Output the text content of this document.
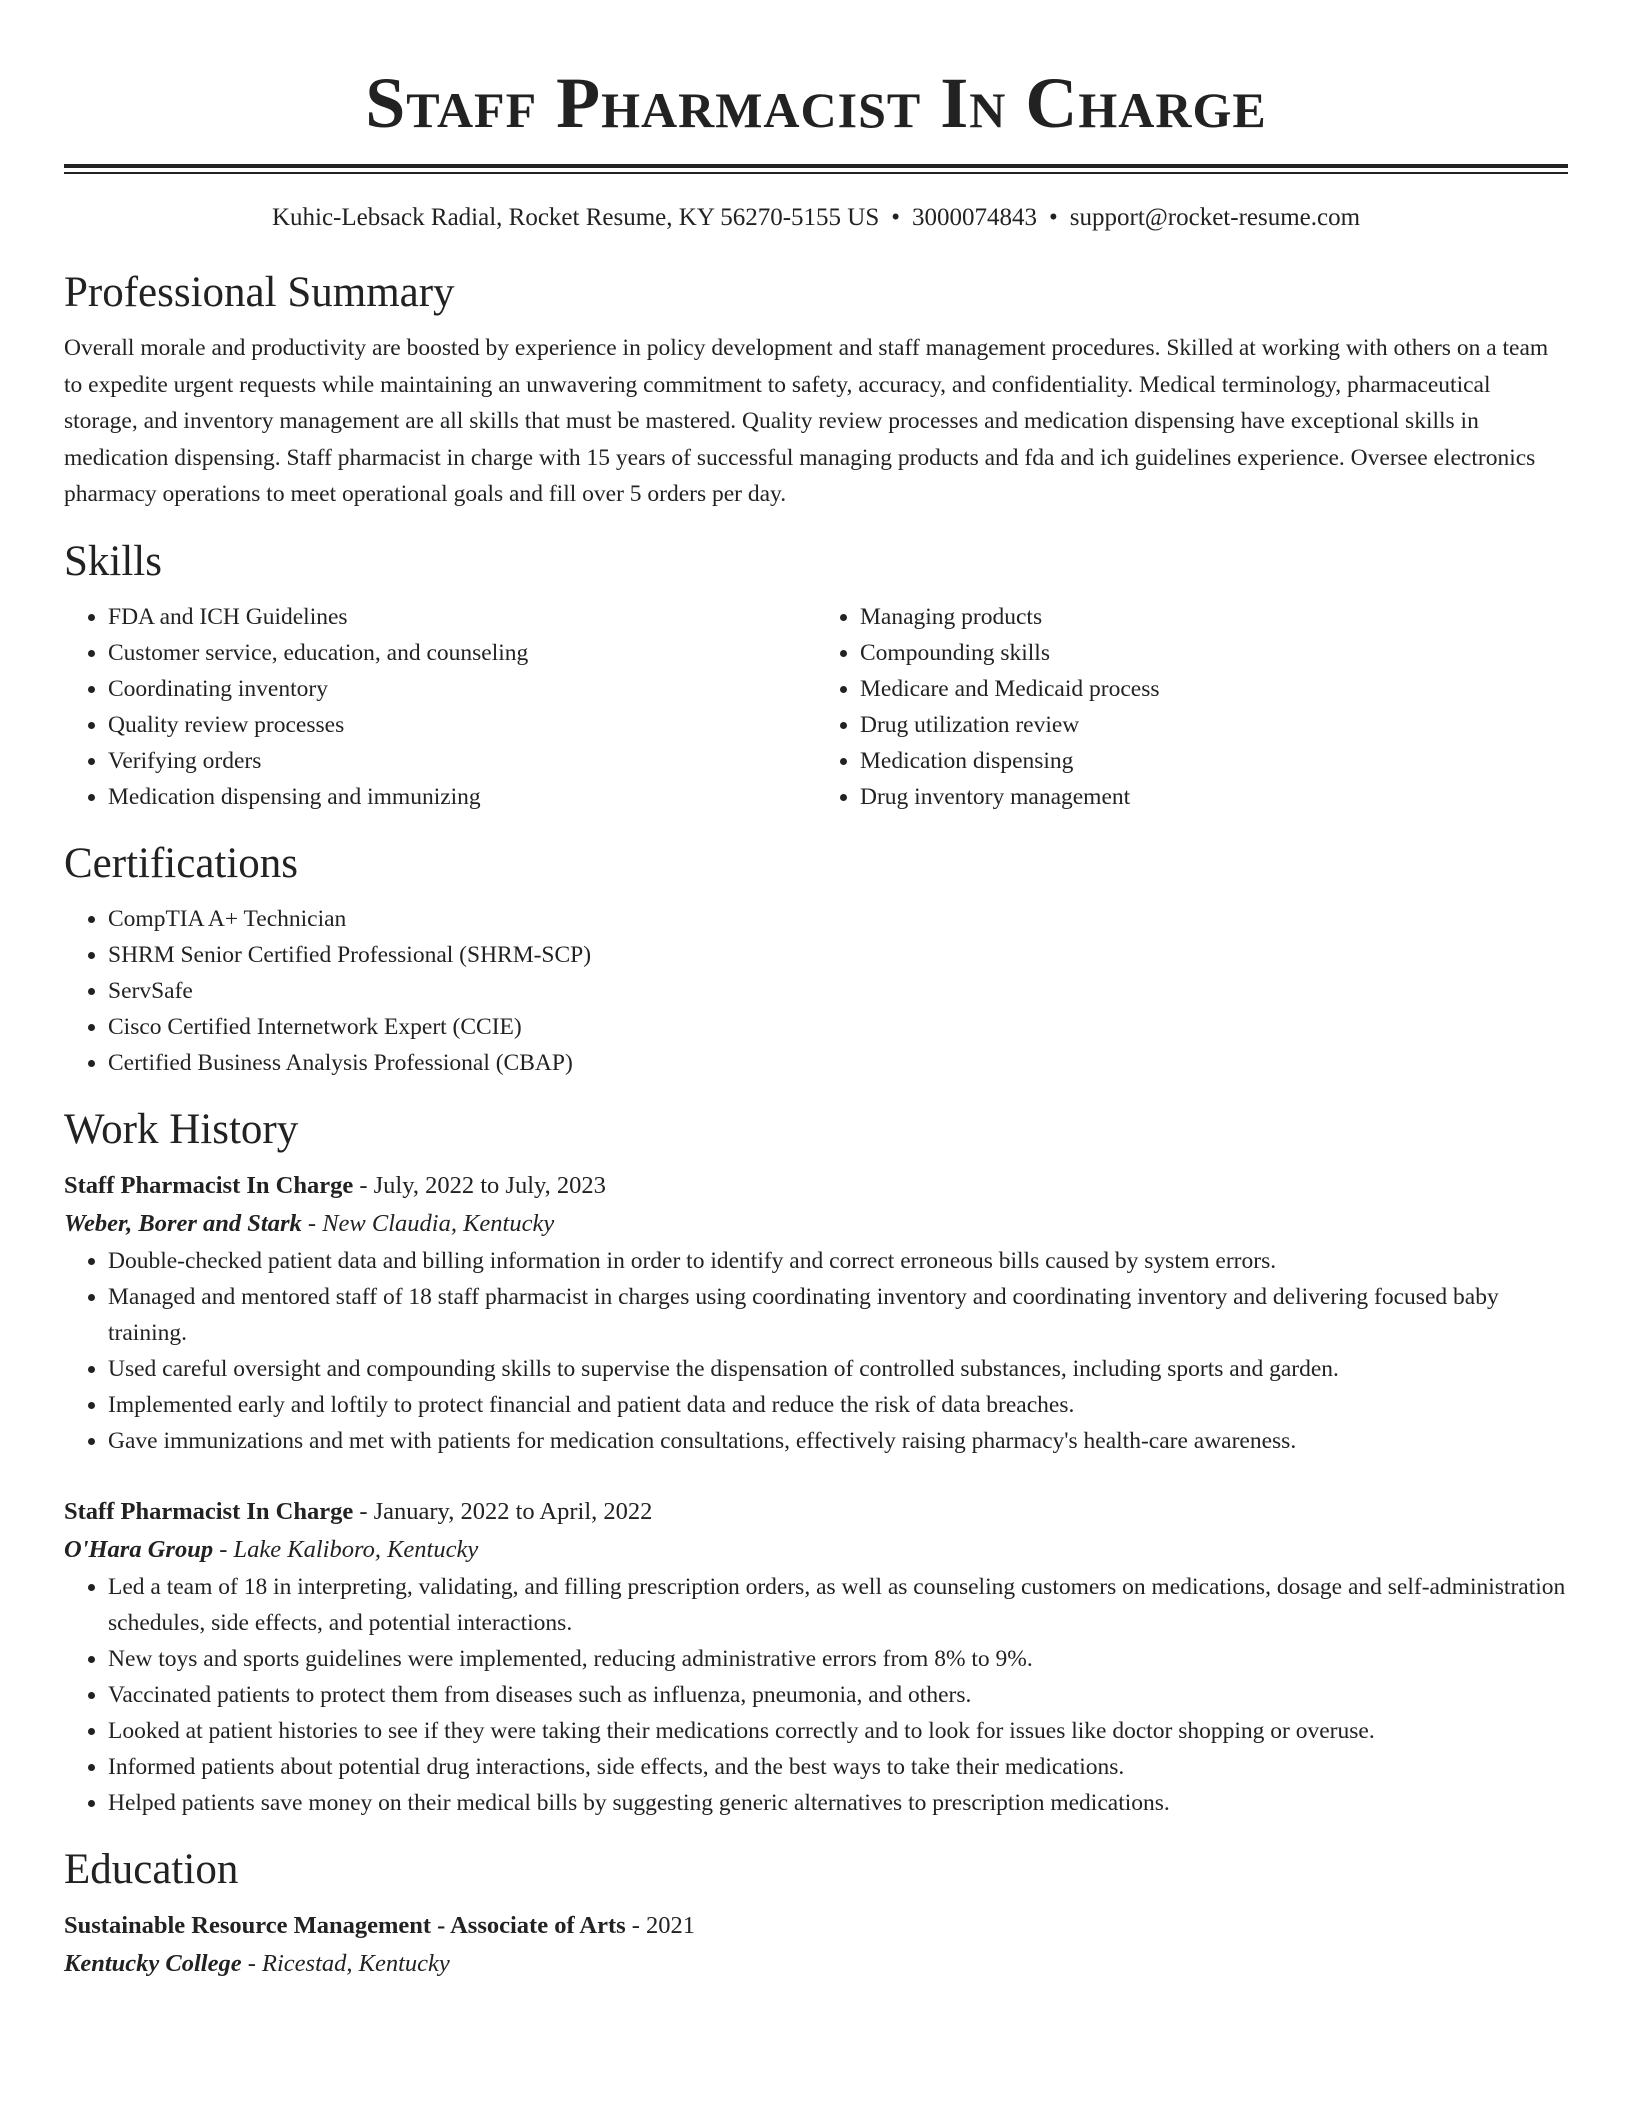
Staff Pharmacist In Charge
Kuhic-Lebsack Radial, Rocket Resume, KY 56270-5155 US • 3000074843 • support@rocket-resume.com
Professional Summary

Overall morale and productivity are boosted by experience in policy development and staff management procedures. Skilled at working with others on a team to expedite urgent requests while maintaining an unwavering commitment to safety, accuracy, and confidentiality. Medical terminology, pharmaceutical storage, and inventory management are all skills that must be mastered. Quality review processes and medication dispensing have exceptional skills in medication dispensing. Staff pharmacist in charge with 15 years of successful managing products and fda and ich guidelines experience. Oversee electronics pharmacy operations to meet operational goals and fill over 5 orders per day.

Skills
• FDA and ICH Guidelines
• Customer service, education, and counseling
• Coordinating inventory
• Quality review processes
• Verifying orders
• Medication dispensing and immunizing
• Managing products
• Compounding skills
• Medicare and Medicaid process
• Drug utilization review
• Medication dispensing
• Drug inventory management
Certifications
• CompTIA A+ Technician
• SHRM Senior Certified Professional (SHRM-SCP)
• ServSafe
• Cisco Certified Internetwork Expert (CCIE)
• Certified Business Analysis Professional (CBAP)
Work History
Staff Pharmacist In Charge - July, 2022 to July, 2023
Weber, Borer and Stark - New Claudia, Kentucky
• Double-checked patient data and billing information in order to identify and correct erroneous bills caused by system errors.
• Managed and mentored staff of 18 staff pharmacist in charges using coordinating inventory and coordinating inventory and delivering focused baby training.
• Used careful oversight and compounding skills to supervise the dispensation of controlled substances, including sports and garden.
• Implemented early and loftily to protect financial and patient data and reduce the risk of data breaches.
• Gave immunizations and met with patients for medication consultations, effectively raising pharmacy's health-care awareness.
Staff Pharmacist In Charge - January, 2022 to April, 2022
O'Hara Group - Lake Kaliboro, Kentucky
• Led a team of 18 in interpreting, validating, and filling prescription orders, as well as counseling customers on medications, dosage and self-administration schedules, side effects, and potential interactions.
• New toys and sports guidelines were implemented, reducing administrative errors from 8% to 9%.
• Vaccinated patients to protect them from diseases such as influenza, pneumonia, and others.
• Looked at patient histories to see if they were taking their medications correctly and to look for issues like doctor shopping or overuse.
• Informed patients about potential drug interactions, side effects, and the best ways to take their medications.
• Helped patients save money on their medical bills by suggesting generic alternatives to prescription medications.
Education
Sustainable Resource Management - Associate of Arts - 2021
Kentucky College - Ricestad, Kentucky
